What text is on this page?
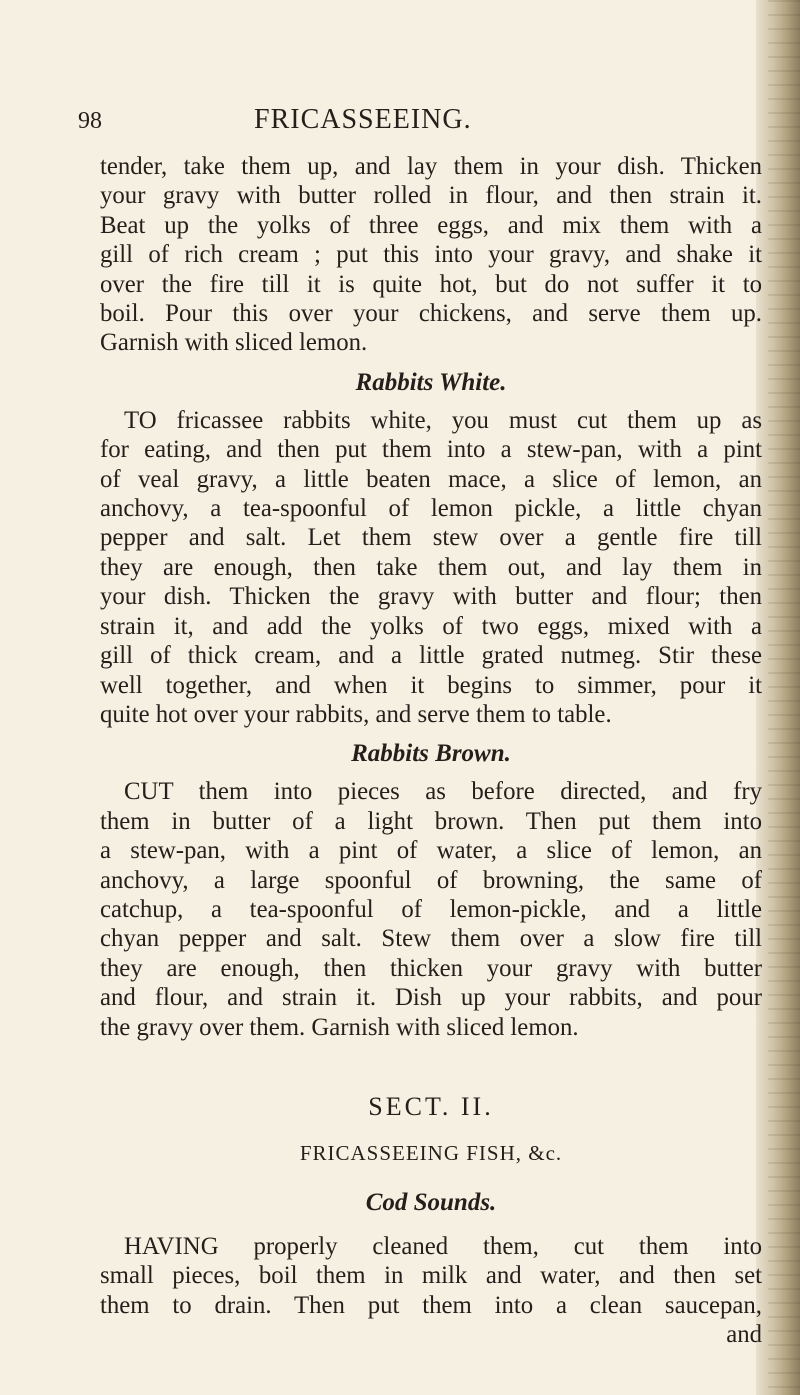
98	FRICASSEEING.

tender, take them up, and lay them in your dish. Thicken
your gravy with butter rolled in flour, and then strain it.
Beat up the yolks of three eggs, and mix them with a
gill of rich cream ; put this into your gravy, and shake it
over the fire till it is quite hot, but do not suffer it to
boil. Pour this over your chickens, and serve them up.
Garnish with sliced lemon.

Rabbits White.

TO fricassee rabbits white, you must cut them up as
for eating, and then put them into a stew-pan, with a pint
of veal gravy, a little beaten mace, a slice of lemon, an
anchovy, a tea-spoonful of lemon pickle, a little chyan
pepper and salt. Let them stew over a gentle fire till
they are enough, then take them out, and lay them in
your dish. Thicken the gravy with butter and flour; then
strain it, and add the yolks of two eggs, mixed with a
gill of thick cream, and a little grated nutmeg. Stir these
well together, and when it begins to simmer, pour it
quite hot over your rabbits, and serve them to table.

Rabbits Brown.

CUT them into pieces as before directed, and fry
them in butter of a light brown. Then put them into
a stew-pan, with a pint of water, a slice of lemon, an
anchovy, a large spoonful of browning, the same of
catchup, a tea-spoonful of lemon-pickle, and a little
chyan pepper and salt. Stew them over a slow fire till
they are enough, then thicken your gravy with butter
and flour, and strain it. Dish up your rabbits, and pour
the gravy over them. Garnish with sliced lemon.

SECT. II.
FRICASSEEING FISH, &c.
Cod Sounds.

HAVING properly cleaned them, cut them into
small pieces, boil them in milk and water, and then set
them to drain. Then put them into a clean saucepan,

and
